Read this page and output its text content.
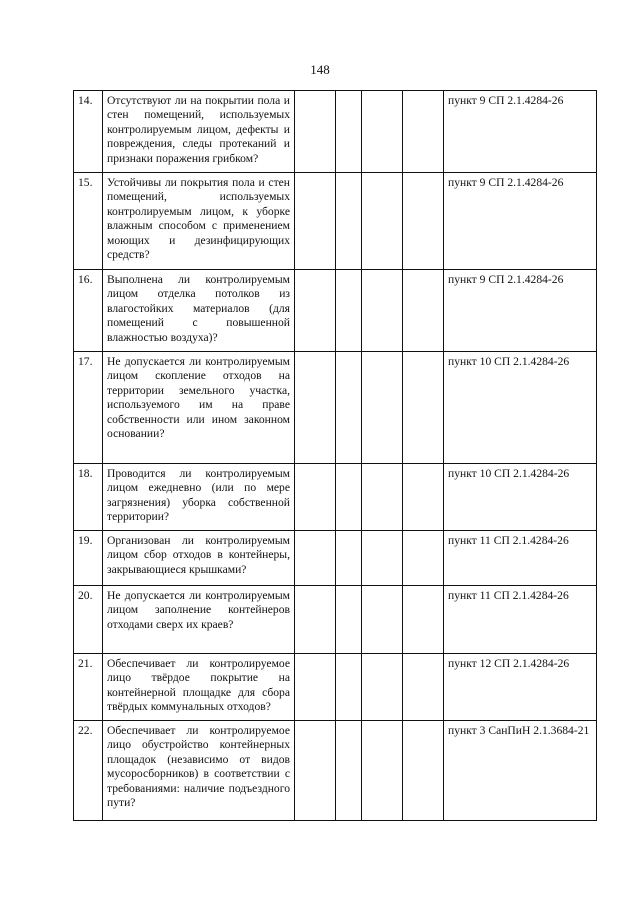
148
14.	Отсутствуют ли на покрытии пола и стен помещений, используемых контролируемым лицом, дефекты и повреждения, следы протеканий и признаки поражения грибком?					пункт 9 СП 2.1.4284-26
15.	Устойчивы ли покрытия пола и стен помещений, используемых контролируемым лицом, к уборке влажным способом с применением моющих и дезинфицирующих средств?					пункт 9 СП 2.1.4284-26
16.	Выполнена ли контролируемым лицом отделка потолков из влагостойких материалов (для помещений с повышенной влажностью воздуха)?					пункт 9 СП 2.1.4284-26
17.	Не допускается ли контролируемым лицом скопление отходов на территории земельного участка, используемого им на праве собственности или ином законном основании?					пункт 10 СП 2.1.4284-26
18.	Проводится ли контролируемым лицом ежедневно (или по мере загрязнения) уборка собственной территории?					пункт 10 СП 2.1.4284-26
19.	Организован ли контролируемым лицом сбор отходов в контейнеры, закрывающиеся крышками?					пункт 11 СП 2.1.4284-26
20.	Не допускается ли контролируемым лицом заполнение контейнеров отходами сверх их краев?					пункт 11 СП 2.1.4284-26
21.	Обеспечивает ли контролируемое лицо твёрдое покрытие на контейнерной площадке для сбора твёрдых коммунальных отходов?					пункт 12 СП 2.1.4284-26
22.	Обеспечивает ли контролируемое лицо обустройство контейнерных площадок (независимо от видов мусоросборников) в соответствии с требованиями: наличие подъездного пути?					пункт 3 СанПиН 2.1.3684-21
